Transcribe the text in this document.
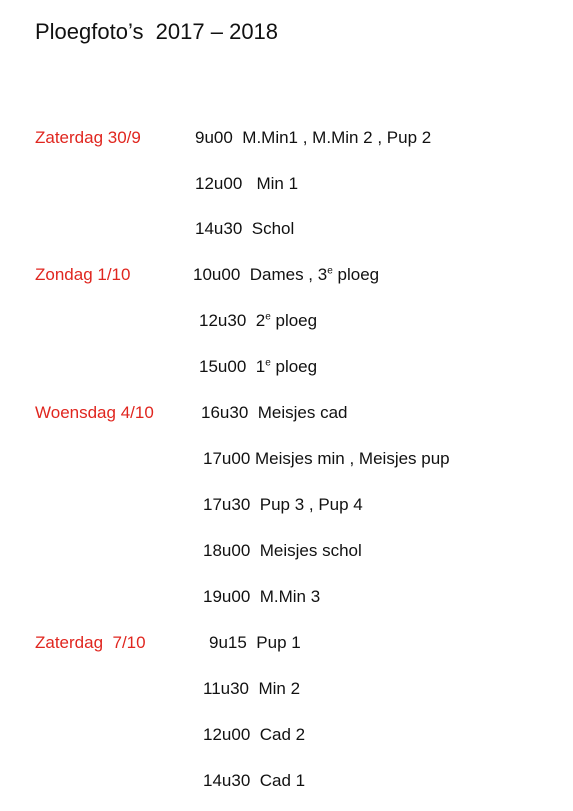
Ploegfoto’s  2017 – 2018
Zaterdag 30/9	9u00 M.Min1 , M.Min 2 , Pup 2
12u00 Min 1
14u30 Schol
Zondag 1/10	10u00 Dames , 3e ploeg
12u30 2e ploeg
15u00 1e ploeg
Woensdag 4/10	16u30 Meisjes cad
17u00 Meisjes min , Meisjes pup
17u30 Pup 3 , Pup 4
18u00 Meisjes schol
19u00 M.Min 3
Zaterdag  7/10	9u15 Pup 1
11u30 Min 2
12u00 Cad 2
14u30 Cad 1
